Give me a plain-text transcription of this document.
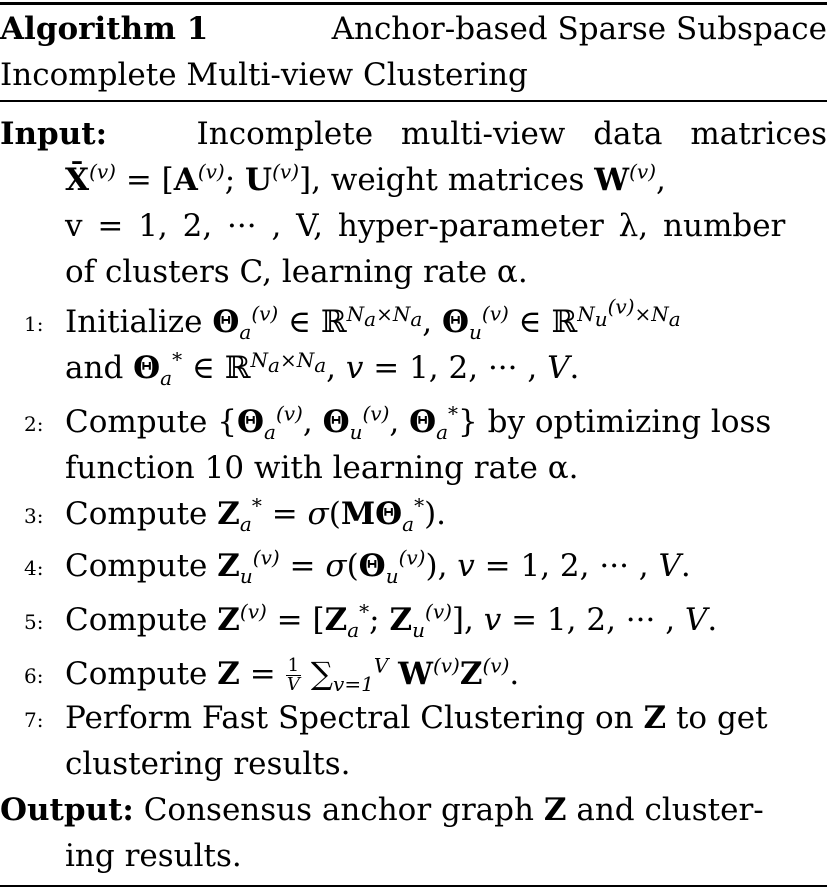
Algorithm 1	Anchor-based Sparse Subspace
Incomplete Multi-view Clustering
Input:	Incomplete multi-view data matrices
X̄$^{(v)}$ = [$A^{(v)}$; $U^{(v)}$], weight matrices $W^{(v)}$,
v = 1, 2, ··· , V, hyper-parameter λ, number
of clusters C, learning rate α.
1: Initialize $\Theta_a^{(v)}$ ∈ ℝ$^{N_a\times N_a}$, $\Theta_u^{(v)}$ ∈ ℝ$^{N_u^{(v)}\times N_a}$
and $\Theta_a^*$ ∈ ℝ$^{N_a\times N_a}$, v = 1, 2, ··· , V.
2: Compute {$\Theta_a^{(v)}$, $\Theta_u^{(v)}$, $\Theta_a^*$} by optimizing loss
function 10 with learning rate α.
3: Compute $Z_a^* = \sigma(M\Theta_a^*)$.
4: Compute $Z_u^{(v)} = \sigma(\Theta_u^{(v)})$, v = 1, 2, ··· , V.
5: Compute $Z^{(v)} = [Z_a^*$; $Z_u^{(v)}$], v = 1, 2, ··· , V.
6: Compute $Z = \frac{1}{V} \sum_{v=1}^V$ $W^{(v)}Z^{(v)}$.
7: Perform Fast Spectral Clustering on Z to get
clustering results.
Output: Consensus anchor graph Z and cluster-
ing results.
